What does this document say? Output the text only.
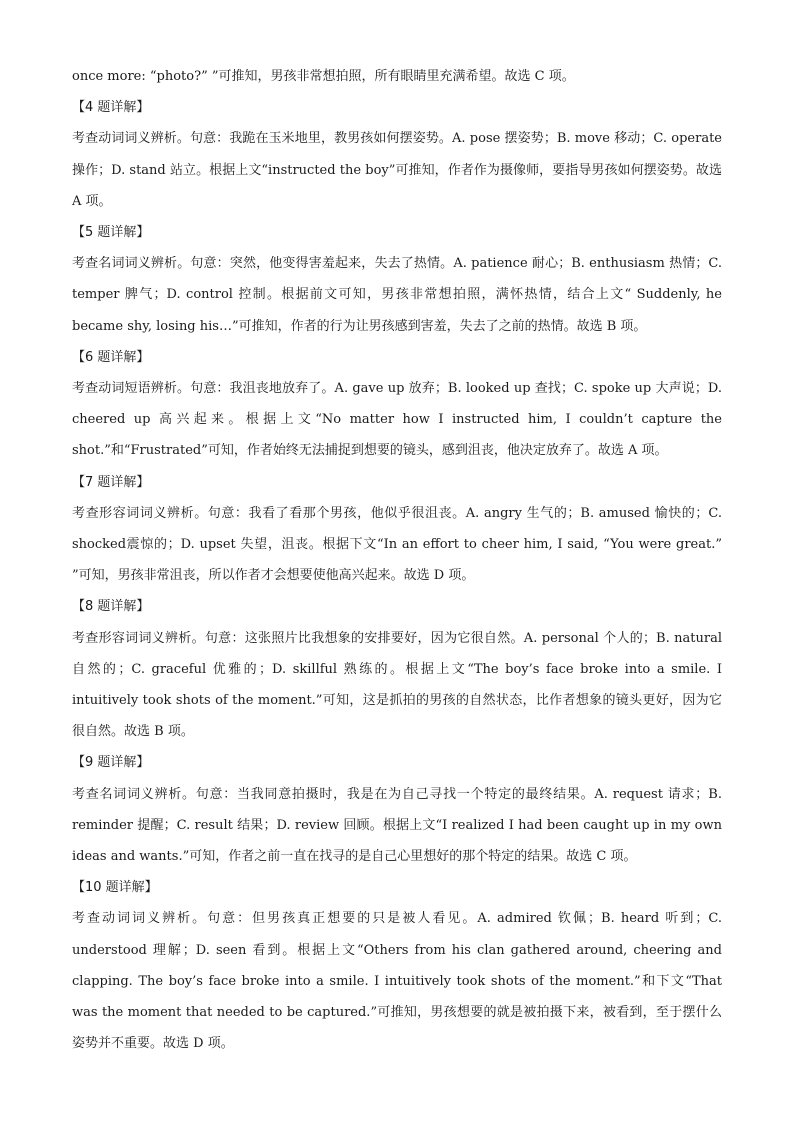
once more: “photo?” ”可推知，男孩非常想拍照，所有眼睛里充满希望。故选 C 项。

【4 题详解】

考查动词词义辨析。句意：我跪在玉米地里，教男孩如何摆姿势。A. pose 摆姿势；B. move 移动；C. operate 操作；D. stand 站立。根据上文“instructed the boy”可推知，作者作为摄像师，要指导男孩如何摆姿势。故选 A 项。

【5 题详解】

考查名词词义辨析。句意：突然，他变得害羞起来，失去了热情。A. patience 耐心；B. enthusiasm 热情；C. temper 脾气；D. control 控制。根据前文可知，男孩非常想拍照，满怀热情，结合上文“ Suddenly, he became shy, losing his…”可推知，作者的行为让男孩感到害羞，失去了之前的热情。故选 B 项。

【6 题详解】

考查动词短语辨析。句意：我沮丧地放弃了。A. gave up 放弃；B. looked up 查找；C. spoke up 大声说；D. cheered up 高兴起来。根据上文“No matter how I instructed him, I couldn’t capture the shot.”和“Frustrated”可知，作者始终无法捕捉到想要的镜头，感到沮丧，他决定放弃了。故选 A 项。

【7 题详解】

考查形容词词义辨析。句意：我看了看那个男孩，他似乎很沮丧。A. angry 生气的；B. amused 愉快的；C. shocked震惊的；D. upset 失望，沮丧。根据下文“In an effort to cheer him, I said, “You were great.” ”可知，男孩非常沮丧，所以作者才会想要使他高兴起来。故选 D 项。

【8 题详解】

考查形容词词义辨析。句意：这张照片比我想象的安排要好，因为它很自然。A. personal 个人的；B. natural 自然的；C. graceful 优雅的；D. skillful 熟练的。根据上文“The boy’s face broke into a smile. I intuitively took shots of the moment.”可知，这是抓拍的男孩的自然状态，比作者想象的镜头更好，因为它很自然。故选 B 项。

【9 题详解】

考查名词词义辨析。句意：当我同意拍摄时，我是在为自己寻找一个特定的最终结果。A. request 请求；B. reminder 提醒；C. result 结果；D. review 回顾。根据上文“I realized I had been caught up in my own ideas and wants.”可知，作者之前一直在找寻的是自己心里想好的那个特定的结果。故选 C 项。

【10 题详解】

考查动词词义辨析。句意：但男孩真正想要的只是被人看见。A. admired 钦佩；B. heard 听到；C. understood 理解；D. seen 看到。根据上文“Others from his clan gathered around, cheering and clapping. The boy’s face broke into a smile. I intuitively took shots of the moment.”和下文“That was the moment that needed to be captured.”可推知，男孩想要的就是被拍摄下来，被看到，至于摆什么姿势并不重要。故选 D 项。
